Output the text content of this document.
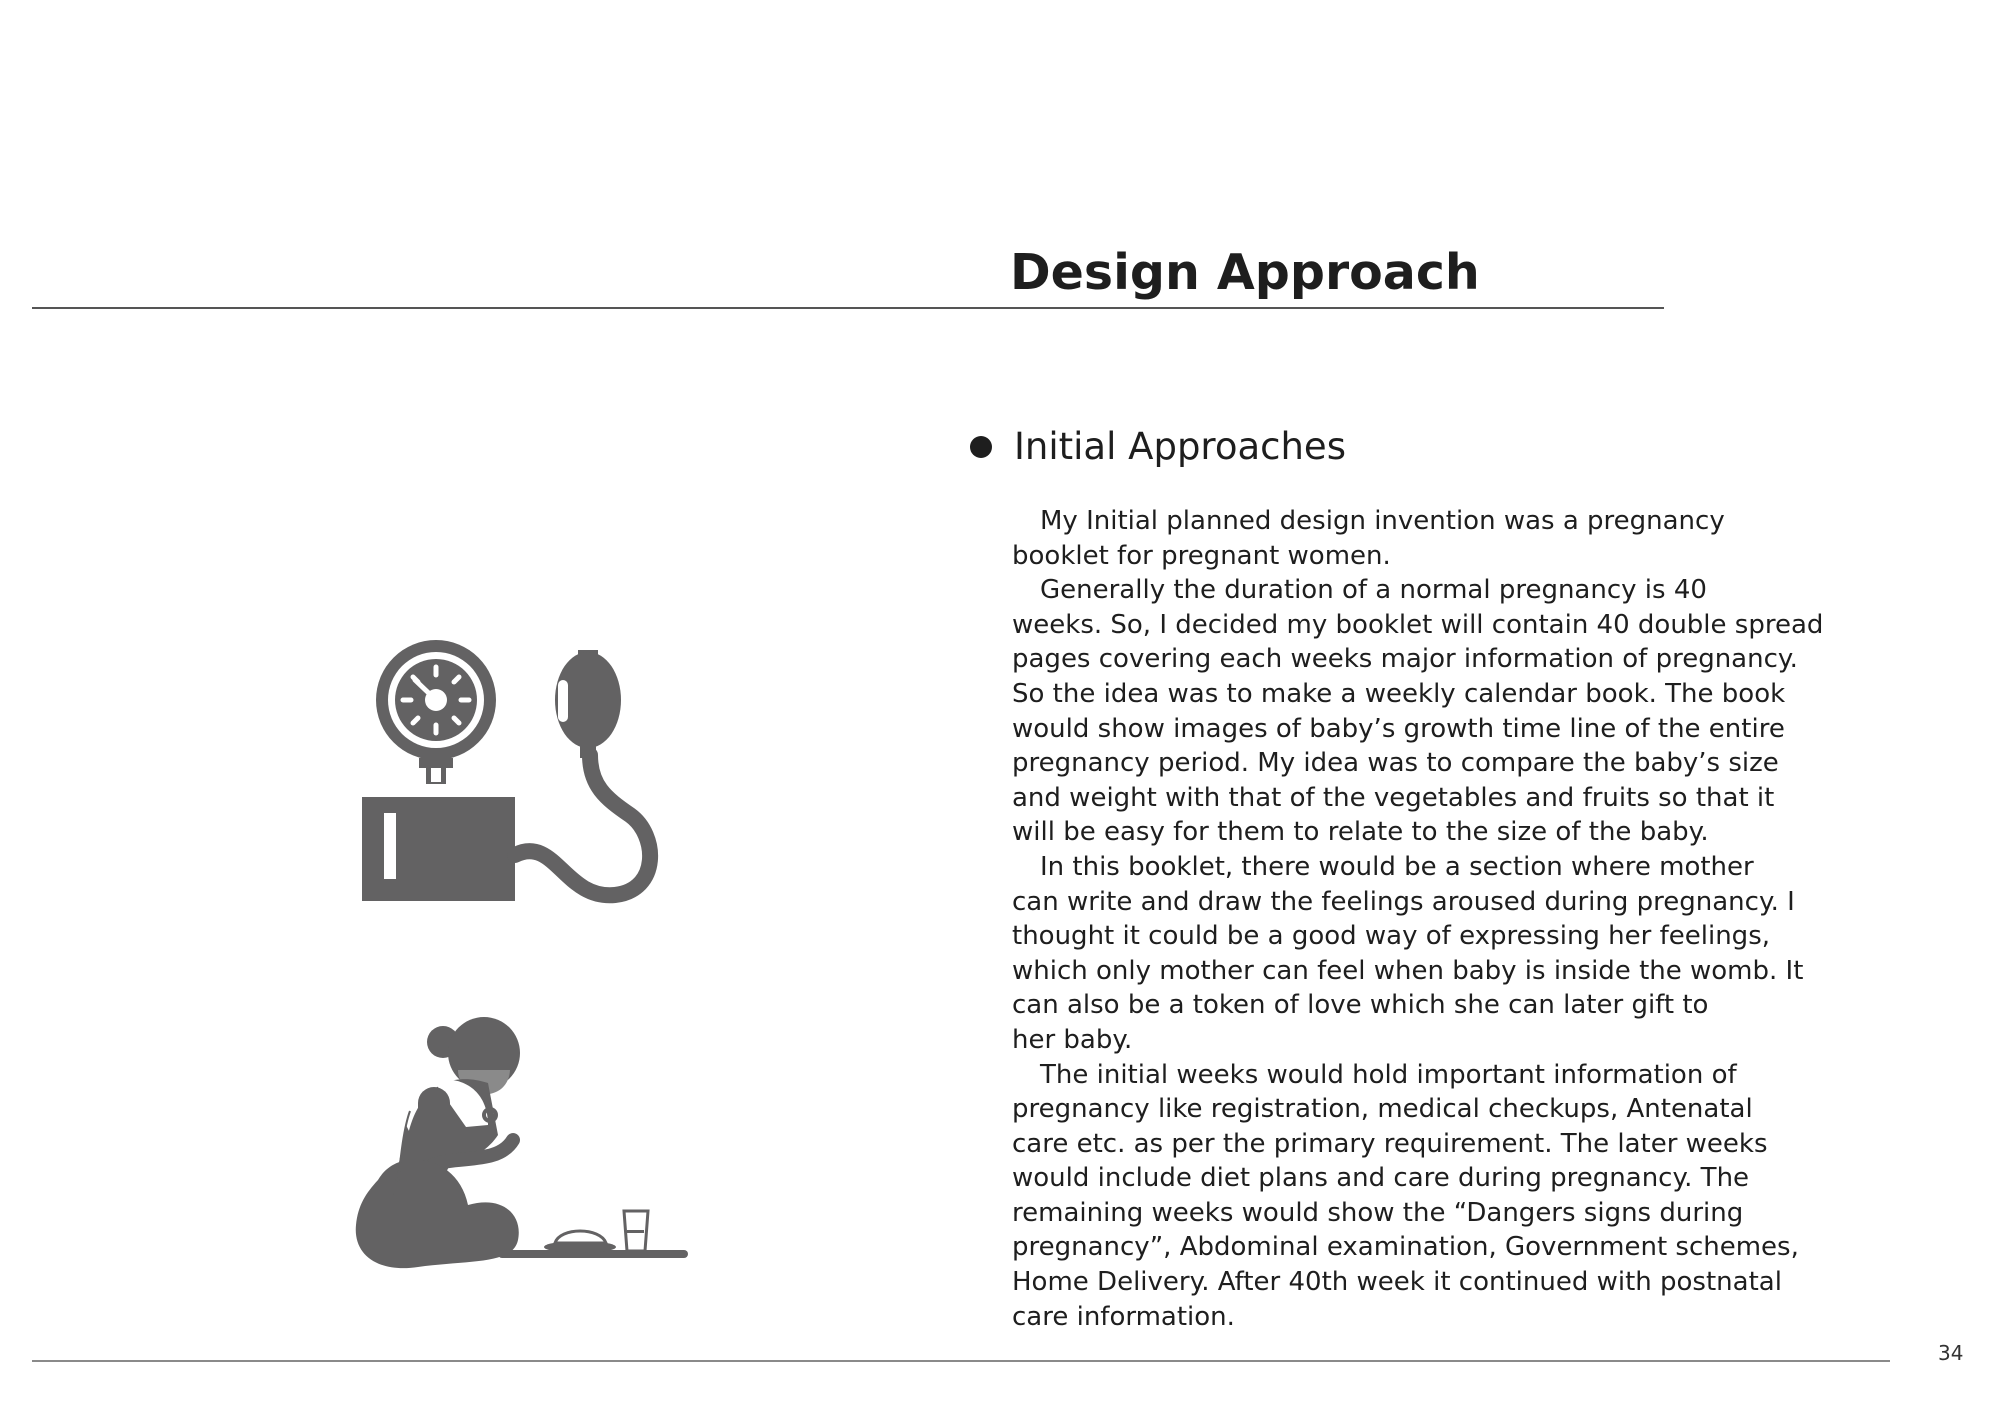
Design Approach
Initial Approaches
My Initial planned design invention was a pregnancy
booklet for pregnant women.
Generally the duration of a normal pregnancy is 40
weeks. So, I decided my booklet will contain 40 double spread
pages covering each weeks major information of pregnancy.
So the idea was to make a weekly calendar book. The book
would show images of baby’s growth time line of the entire
pregnancy period. My idea was to compare the baby’s size
and weight with that of the vegetables and fruits so that it
will be easy for them to relate to the size of the baby.
In this booklet, there would be a section where mother
can write and draw the feelings aroused during pregnancy. I
thought it could be a good way of expressing her feelings,
which only mother can feel when baby is inside the womb. It
can also be a token of love which she can later gift to
her baby.
The initial weeks would hold important information of
pregnancy like registration, medical checkups, Antenatal
care etc. as per the primary requirement. The later weeks
would include diet plans and care during pregnancy. The
remaining weeks would show the “Dangers signs during
pregnancy”, Abdominal examination, Government schemes,
Home Delivery. After 40th week it continued with postnatal
care information.
34
